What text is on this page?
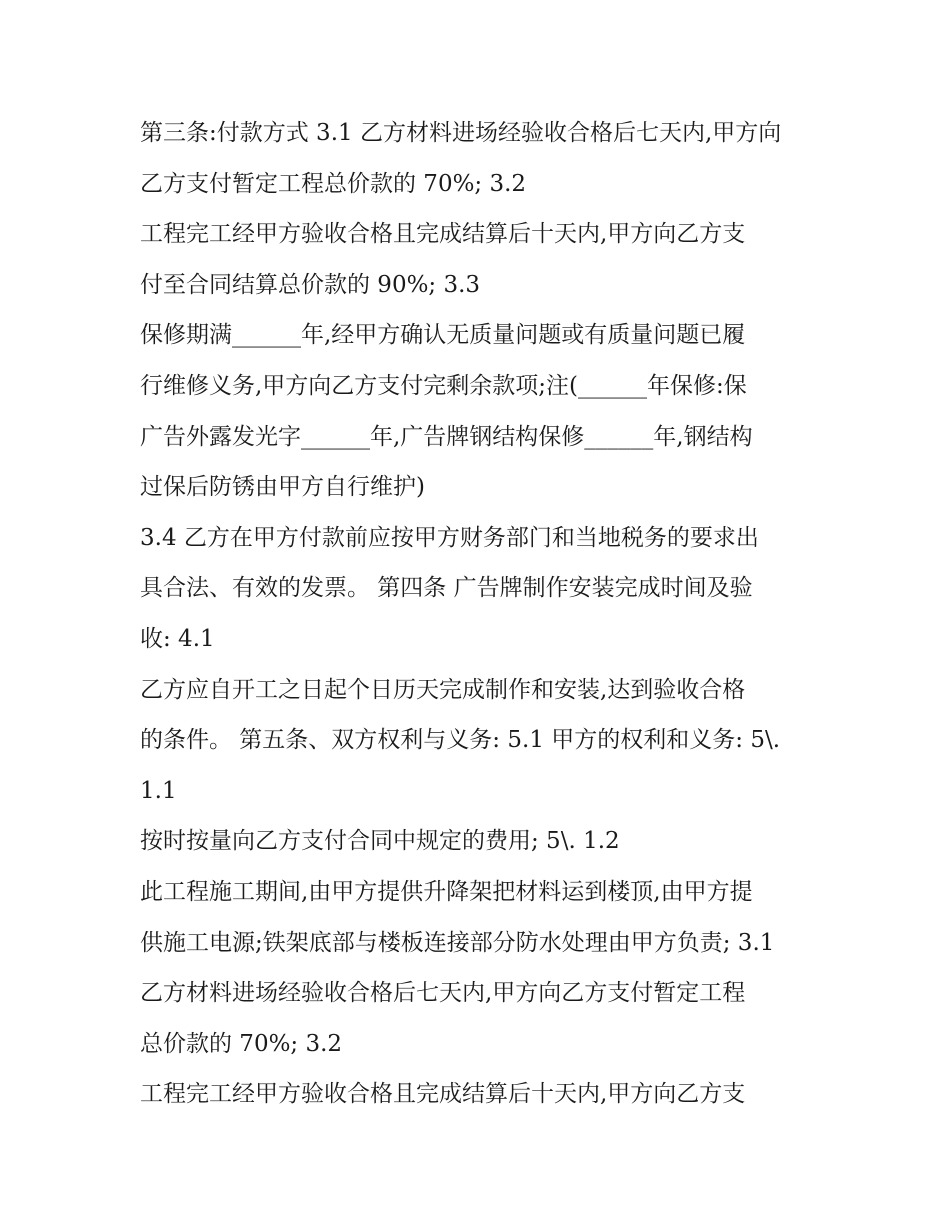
第三条:付款方式 3.1 乙方材料进场经验收合格后七天内,甲方向
乙方支付暂定工程总价款的 70%; 3.2
工程完工经甲方验收合格且完成结算后十天内,甲方向乙方支
付至合同结算总价款的 90%; 3.3
保修期满______年,经甲方确认无质量问题或有质量问题已履
行维修义务,甲方向乙方支付完剩余款项;注(______年保修:保
广告外露发光字______年,广告牌钢结构保修______年,钢结构
过保后防锈由甲方自行维护)
3.4 乙方在甲方付款前应按甲方财务部门和当地税务的要求出
具合法、有效的发票。 第四条 广告牌制作安装完成时间及验
收: 4.1
乙方应自开工之日起个日历天完成制作和安装,达到验收合格
的条件。 第五条、双方权利与义务: 5.1 甲方的权利和义务: 5\.
1.1
按时按量向乙方支付合同中规定的费用; 5\. 1.2
此工程施工期间,由甲方提供升降架把材料运到楼顶,由甲方提
供施工电源;铁架底部与楼板连接部分防水处理由甲方负责; 3.1
乙方材料进场经验收合格后七天内,甲方向乙方支付暂定工程
总价款的 70%; 3.2
工程完工经甲方验收合格且完成结算后十天内,甲方向乙方支
